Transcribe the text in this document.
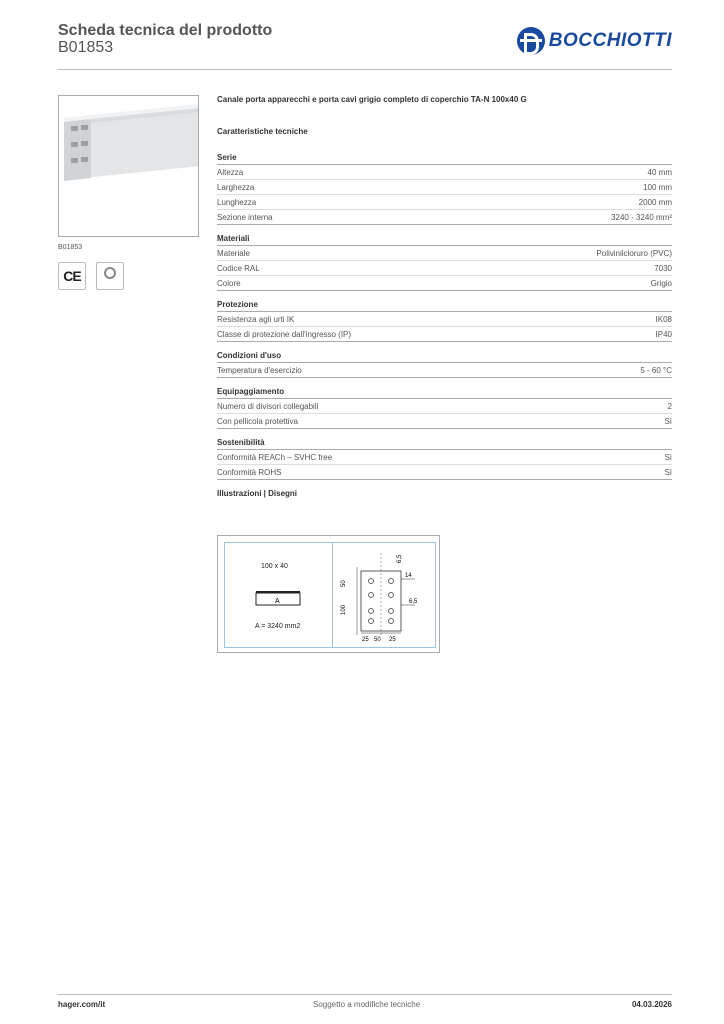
Scheda tecnica del prodotto
B01853	BOCCHIOTTI
B01853
CE
Canale porta apparecchi e porta cavi grigio completo di coperchio TA-N 100x40 G
Caratteristiche tecniche
Serie
Altezza	40 mm
Larghezza	100 mm
Lunghezza	2000 mm
Sezione interna	3240 - 3240 mm²
Materiali
Materiale	Polivinilcloruro (PVC)
Codice RAL	7030
Colore	Grigio
Protezione
Resistenza agli urti IK	IK08
Classe di protezione dall'ingresso (IP)	IP40
Condizioni d'uso
Temperatura d'esercizio	5 - 60 °C
Equipaggiamento
Numero di divisori collegabili	2
Con pellicola protettiva	Sì
Sostenibilità
Conformità REACh – SVHC free	Sì
Conformità ROHS	Sì
Illustrazioni | Disegni
100 x 40
A
A = 3240 mm2
50
100
6,5
14
6,5
25 50 25
hager.com/it	Soggetto a modifiche tecniche	04.03.2026
